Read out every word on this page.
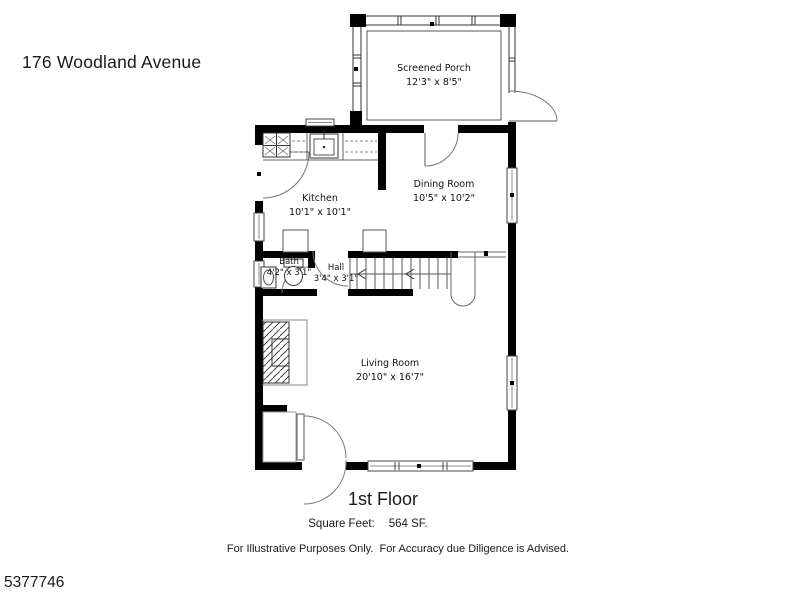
176 Woodland Avenue	Screened Porch
12'3" x 8'5"
Kitchen
10'1" x 10'1"
Dining Room
10'5" x 10'2"
Bath
4'2" x 3'1"	Hall
3'4" x 3'1"
Living Room
20'10" x 16'7"
1st Floor
Square Feet: 564 SF.
For Illustrative Purposes Only.  For Accuracy due Diligence is Advised.
5377746
